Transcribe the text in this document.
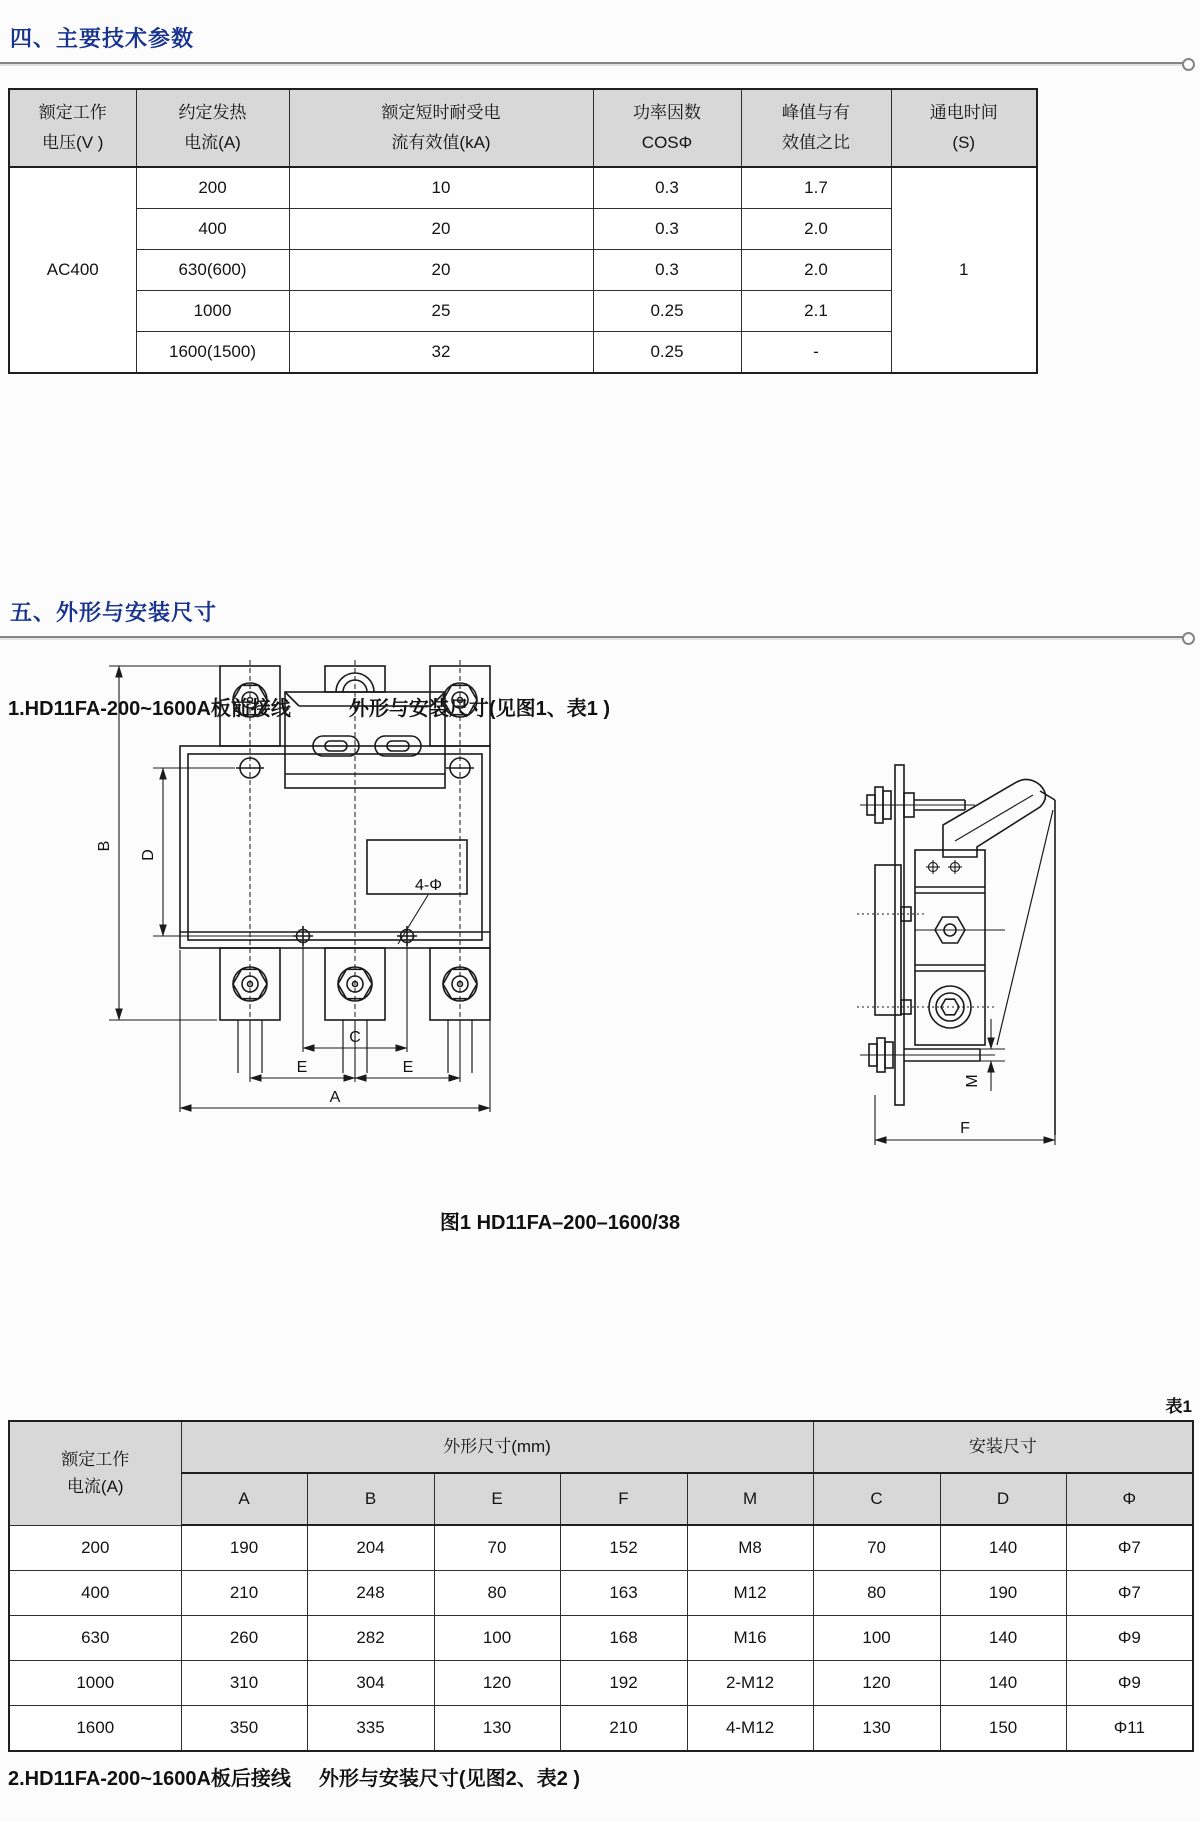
四、主要技术参数
额定工作
电压(V )

约定发热
电流(A)

额定短时耐受电
流有效值(kA)

功率因数
COSΦ

峰值与有
效值之比

通电时间
(S)

AC400	200	10	0.3	1.7	1
	400	20	0.3	2.0	
	630(600)	20	0.3	2.0	
	1000	25	0.25	2.1	
	1600(1500)	32	0.25	-	
五、外形与安装尺寸
1.HD11FA-200~1600A板前接线	外形与安装尺寸(见图1、表1 )
B
D
4-Φ
C
E	E
A
M
F
图1 HD11FA–200–1600/38
表1
额定工作
电流(A)	外形尺寸(mm)					安装尺寸		
	A	B	E	F	M	C	D	Φ
200	190	204	70	152	M8	70	140	Φ7
400	210	248	80	163	M12	80	190	Φ7
630	260	282	100	168	M16	100	140	Φ9
1000	310	304	120	192	2-M12	120	140	Φ9
1600	350	335	130	210	4-M12	130	150	Φ11
2.HD11FA-200~1600A板后接线 外形与安装尺寸(见图2、表2 )
